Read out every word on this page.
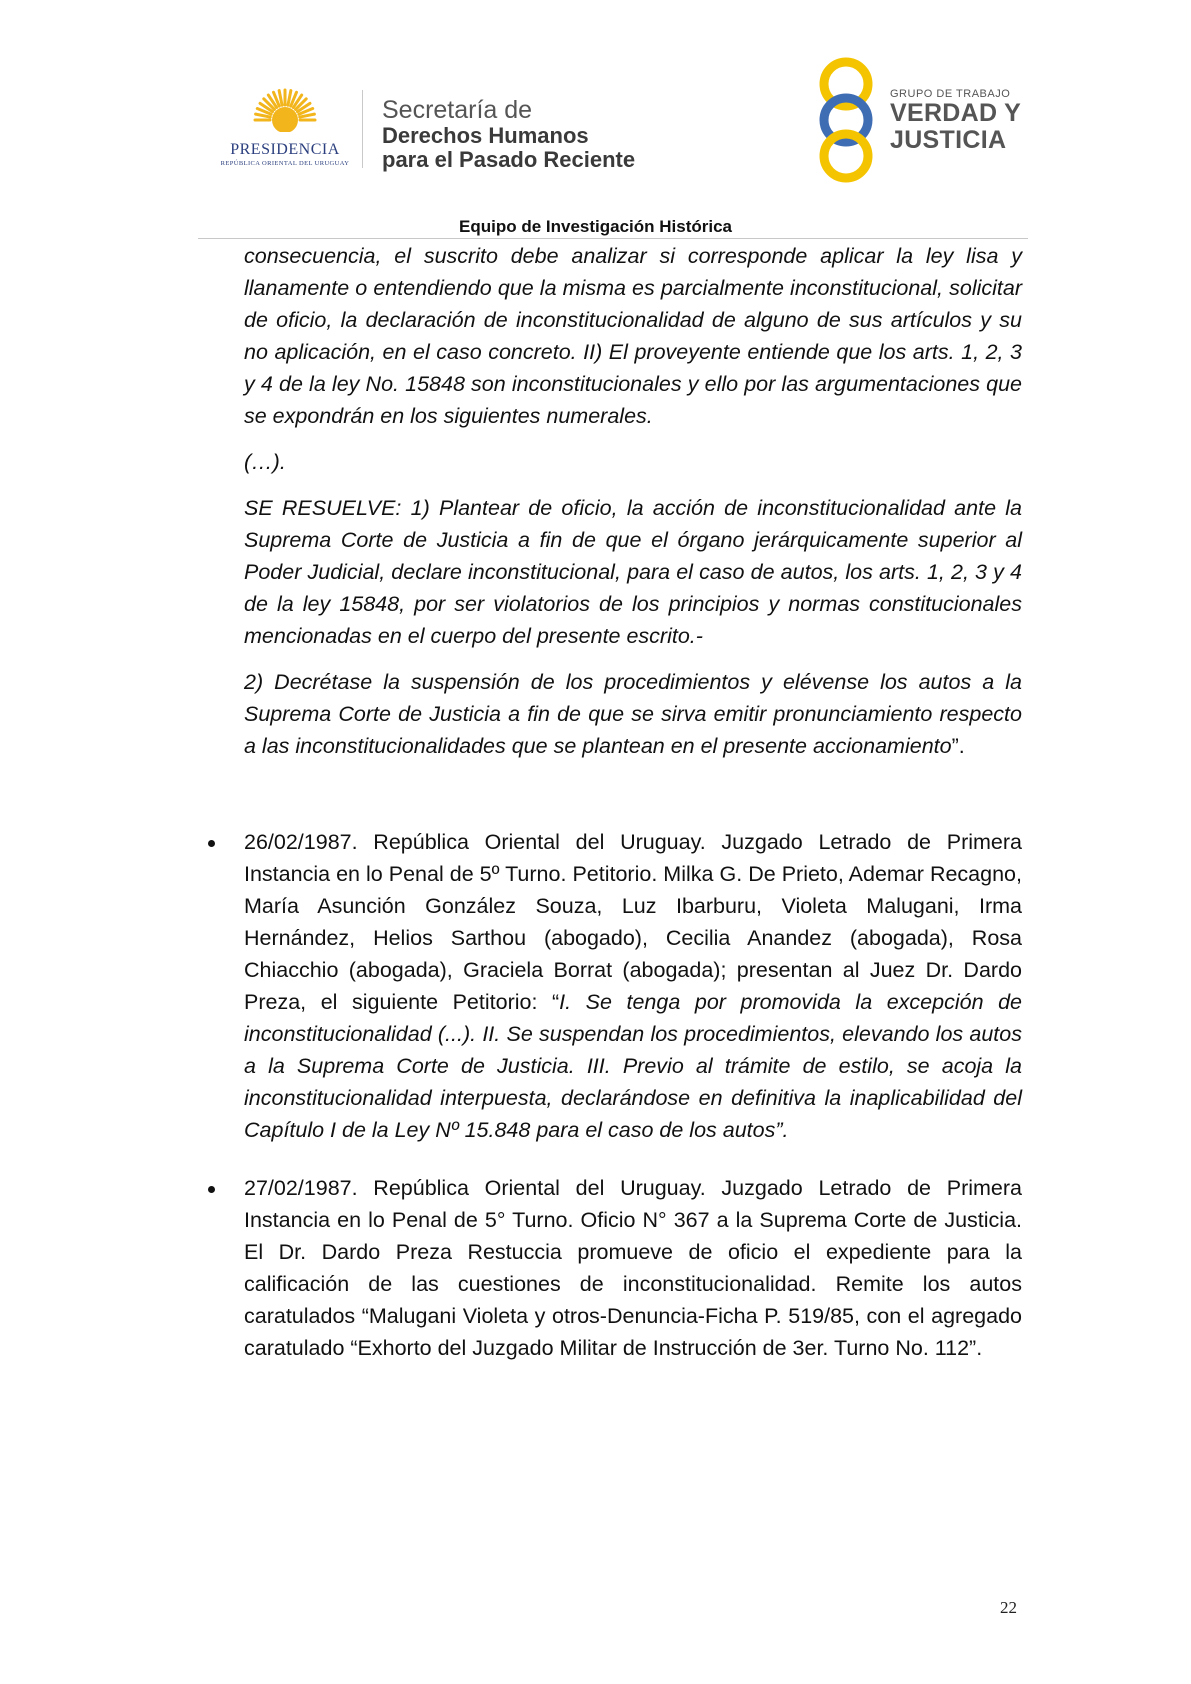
PRESIDENCIA
REPÚBLICA ORIENTAL DEL URUGUAY
Secretaría de
Derechos Humanos
para el Pasado Reciente
GRUPO DE TRABAJO
VERDAD Y
JUSTICIA
Equipo de Investigación Histórica

consecuencia, el suscrito debe analizar si corresponde aplicar la ley lisa y llanamente o entendiendo que la misma es parcialmente inconstitucional, solicitar de oficio, la declaración de inconstitucionalidad de alguno de sus artículos y su no aplicación, en el caso concreto. II) El proveyente entiende que los arts. 1, 2, 3 y 4 de la ley No. 15848 son inconstitucionales y ello por las argumentaciones que se expondrán en los siguientes numerales.

(…).

SE RESUELVE: 1) Plantear de oficio, la acción de inconstitucionalidad ante la Suprema Corte de Justicia a fin de que el órgano jerárquicamente superior al Poder Judicial, declare inconstitucional, para el caso de autos, los arts. 1, 2, 3 y 4 de la ley 15848, por ser violatorios de los principios y normas constitucionales mencionadas en el cuerpo del presente escrito.-

2) Decrétase la suspensión de los procedimientos y elévense los autos a la Suprema Corte de Justicia a fin de que se sirva emitir pronunciamiento respecto a las inconstitucionalidades que se plantean en el presente accionamiento”.

26/02/1987. República Oriental del Uruguay. Juzgado Letrado de Primera Instancia en lo Penal de 5º Turno. Petitorio. Milka G. De Prieto, Ademar Recagno, María Asunción González Souza, Luz Ibarburu, Violeta Malugani, Irma Hernández, Helios Sarthou (abogado), Cecilia Anandez (abogada), Rosa Chiacchio (abogada), Graciela Borrat (abogada); presentan al Juez Dr. Dardo Preza, el siguiente Petitorio: “I. Se tenga por promovida la excepción de inconstitucionalidad (...). II. Se suspendan los procedimientos, elevando los autos a la Suprema Corte de Justicia. III. Previo al trámite de estilo, se acoja la inconstitucionalidad interpuesta, declarándose en definitiva la inaplicabilidad del Capítulo I de la Ley Nº 15.848 para el caso de los autos”.
27/02/1987. República Oriental del Uruguay. Juzgado Letrado de Primera Instancia en lo Penal de 5° Turno. Oficio N° 367 a la Suprema Corte de Justicia. El Dr. Dardo Preza Restuccia promueve de oficio el expediente para la calificación de las cuestiones de inconstitucionalidad. Remite los autos caratulados “Malugani Violeta y otros-Denuncia-Ficha P. 519/85, con el agregado caratulado “Exhorto del Juzgado Militar de Instrucción de 3er. Turno No. 112”.
22
